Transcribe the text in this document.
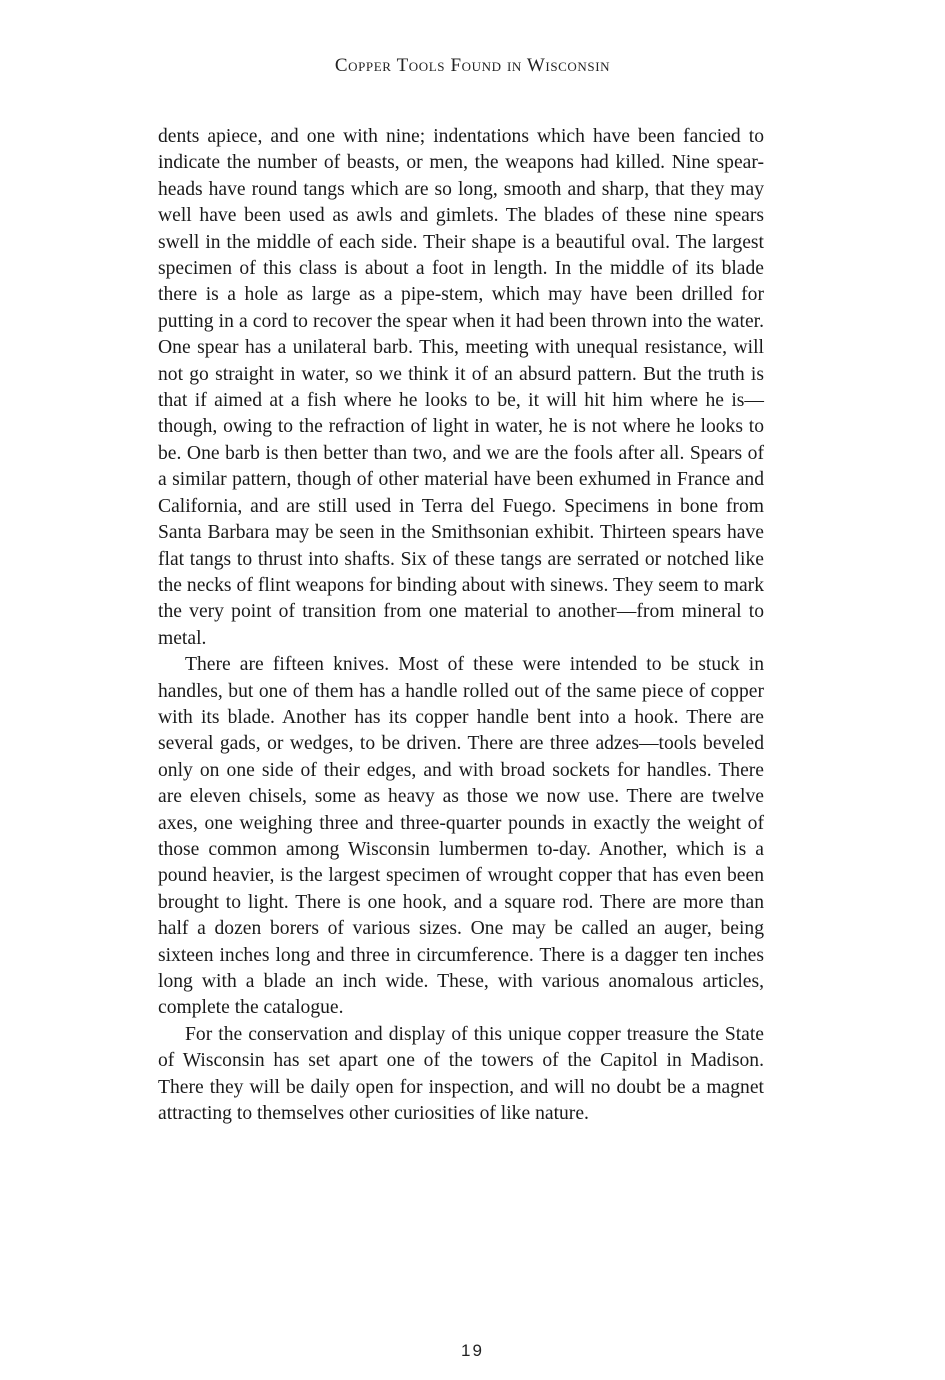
Copper Tools Found in Wisconsin

dents apiece, and one with nine; indentations which have been fancied to indicate the number of beasts, or men, the weapons had killed. Nine spear-heads have round tangs which are so long, smooth and sharp, that they may well have been used as awls and gimlets. The blades of these nine spears swell in the middle of each side. Their shape is a beautiful oval. The largest specimen of this class is about a foot in length. In the middle of its blade there is a hole as large as a pipe-stem, which may have been drilled for putting in a cord to recover the spear when it had been thrown into the water. One spear has a unilateral barb. This, meeting with unequal resistance, will not go straight in water, so we think it of an absurd pattern. But the truth is that if aimed at a fish where he looks to be, it will hit him where he is—though, owing to the refraction of light in water, he is not where he looks to be. One barb is then better than two, and we are the fools after all. Spears of a similar pattern, though of other material have been exhumed in France and California, and are still used in Terra del Fuego. Specimens in bone from Santa Barbara may be seen in the Smithsonian exhibit. Thirteen spears have flat tangs to thrust into shafts. Six of these tangs are serrated or notched like the necks of flint weapons for binding about with sinews. They seem to mark the very point of transition from one material to another—from mineral to metal.

There are fifteen knives. Most of these were intended to be stuck in handles, but one of them has a handle rolled out of the same piece of copper with its blade. Another has its copper handle bent into a hook. There are several gads, or wedges, to be driven. There are three adzes—tools beveled only on one side of their edges, and with broad sockets for handles. There are eleven chisels, some as heavy as those we now use. There are twelve axes, one weighing three and three-quarter pounds in exactly the weight of those common among Wisconsin lumbermen to-day. Another, which is a pound heavier, is the largest specimen of wrought copper that has even been brought to light. There is one hook, and a square rod. There are more than half a dozen borers of various sizes. One may be called an auger, being sixteen inches long and three in circumference. There is a dagger ten inches long with a blade an inch wide. These, with various anomalous articles, complete the catalogue.

For the conservation and display of this unique copper treasure the State of Wisconsin has set apart one of the towers of the Capitol in Madison. There they will be daily open for inspection, and will no doubt be a magnet attracting to themselves other curiosities of like nature.

19
